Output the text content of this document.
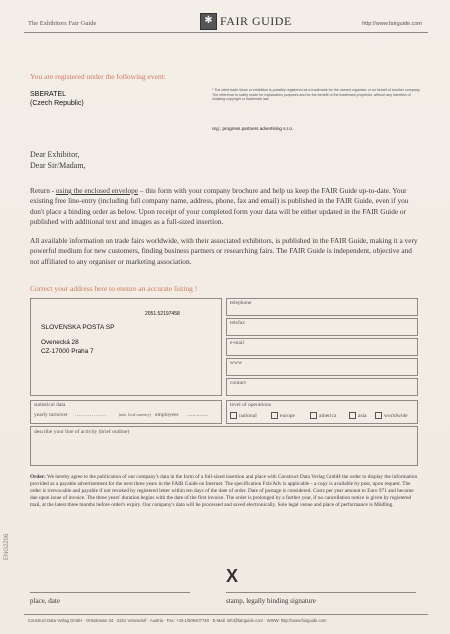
The Exhibitors Fair Guide	✱ FAIR GUIDE	http://www.fairguide.com
You are registered under the following event:
SBERATEL
(Czech Republic)
* The cited trade show or exhibition is possibly registered as a trademark for the named organiser or on behalf of another company. The reference is solely made for explanation purposes and for the benefit of the trademark proprietor, without any intention of violating copyright or trademark law.
org.: progress partners advertising s.r.o.
Dear Exhibitor,
Dear Sir/Madam,
Return - using the enclosed envelope – this form with your company brochure and help us keep the FAIR Guide up-to-date. Your existing free line-entry (including full company name, address, phone, fax and email) is published in the FAIR Guide, even if you don't place a binding order as below. Upon receipt of your completed form your data will be either updated in the FAIR Guide or published with additional text and images as a full-sized insertion.
All available information on trade fairs worldwide, with their associated exhibitors, is published in the FAIR Guide, making it a very powerful medium for new customers, finding business partners or researching fairs. The FAIR Guide is independent, objective and not affiliated to any organiser or marketing association.
Correct your address here to ensure an accurate listing !
2051.52197458
SLOVENSKA POSTA SP
Ovenecká 28
CZ-17000 Praha 7
telephone
telefax
e-mail
www
contact
statistical data
yearly turnover .................	(mio. local currency) employees ...............
level of operations
national	europe	america	asia	worldwide
describe your line of activity (brief outline)
Order: We hereby agree to the publication of our company's data in the form of a full-sized insertion and place with Construct Data Verlag GmbH the order to display the information provided as a payable advertisement for the next three years in the FAIR Guide on Internet. The specification Fxb/Adv is applicable - a copy is available by post, upon request. The order is irrevocable and payable if not revoked by registered letter within ten days of the date of order. Date of postage is considered. Costs per year amount to Euro 971 and become due upon issue of invoice. The three years' duration begins with the date of the first invoice. The order is prolonged by a further year, if no cancellation notice is given by registered mail, at the latest three months before order's expiry. Our company's data will be processed and saved electronically. Sole legal venue and place of performance is Mödling.
X
place, date	stamp, legally binding signature
ENG2206
Construct Data Verlag GmbH · Ortsstrasse 34 · 2331 Vösendorf · Austria · Fax: +43-1/609407740 · E-Mail: info@fairguide.com · WWW: http://www.fairguide.com
